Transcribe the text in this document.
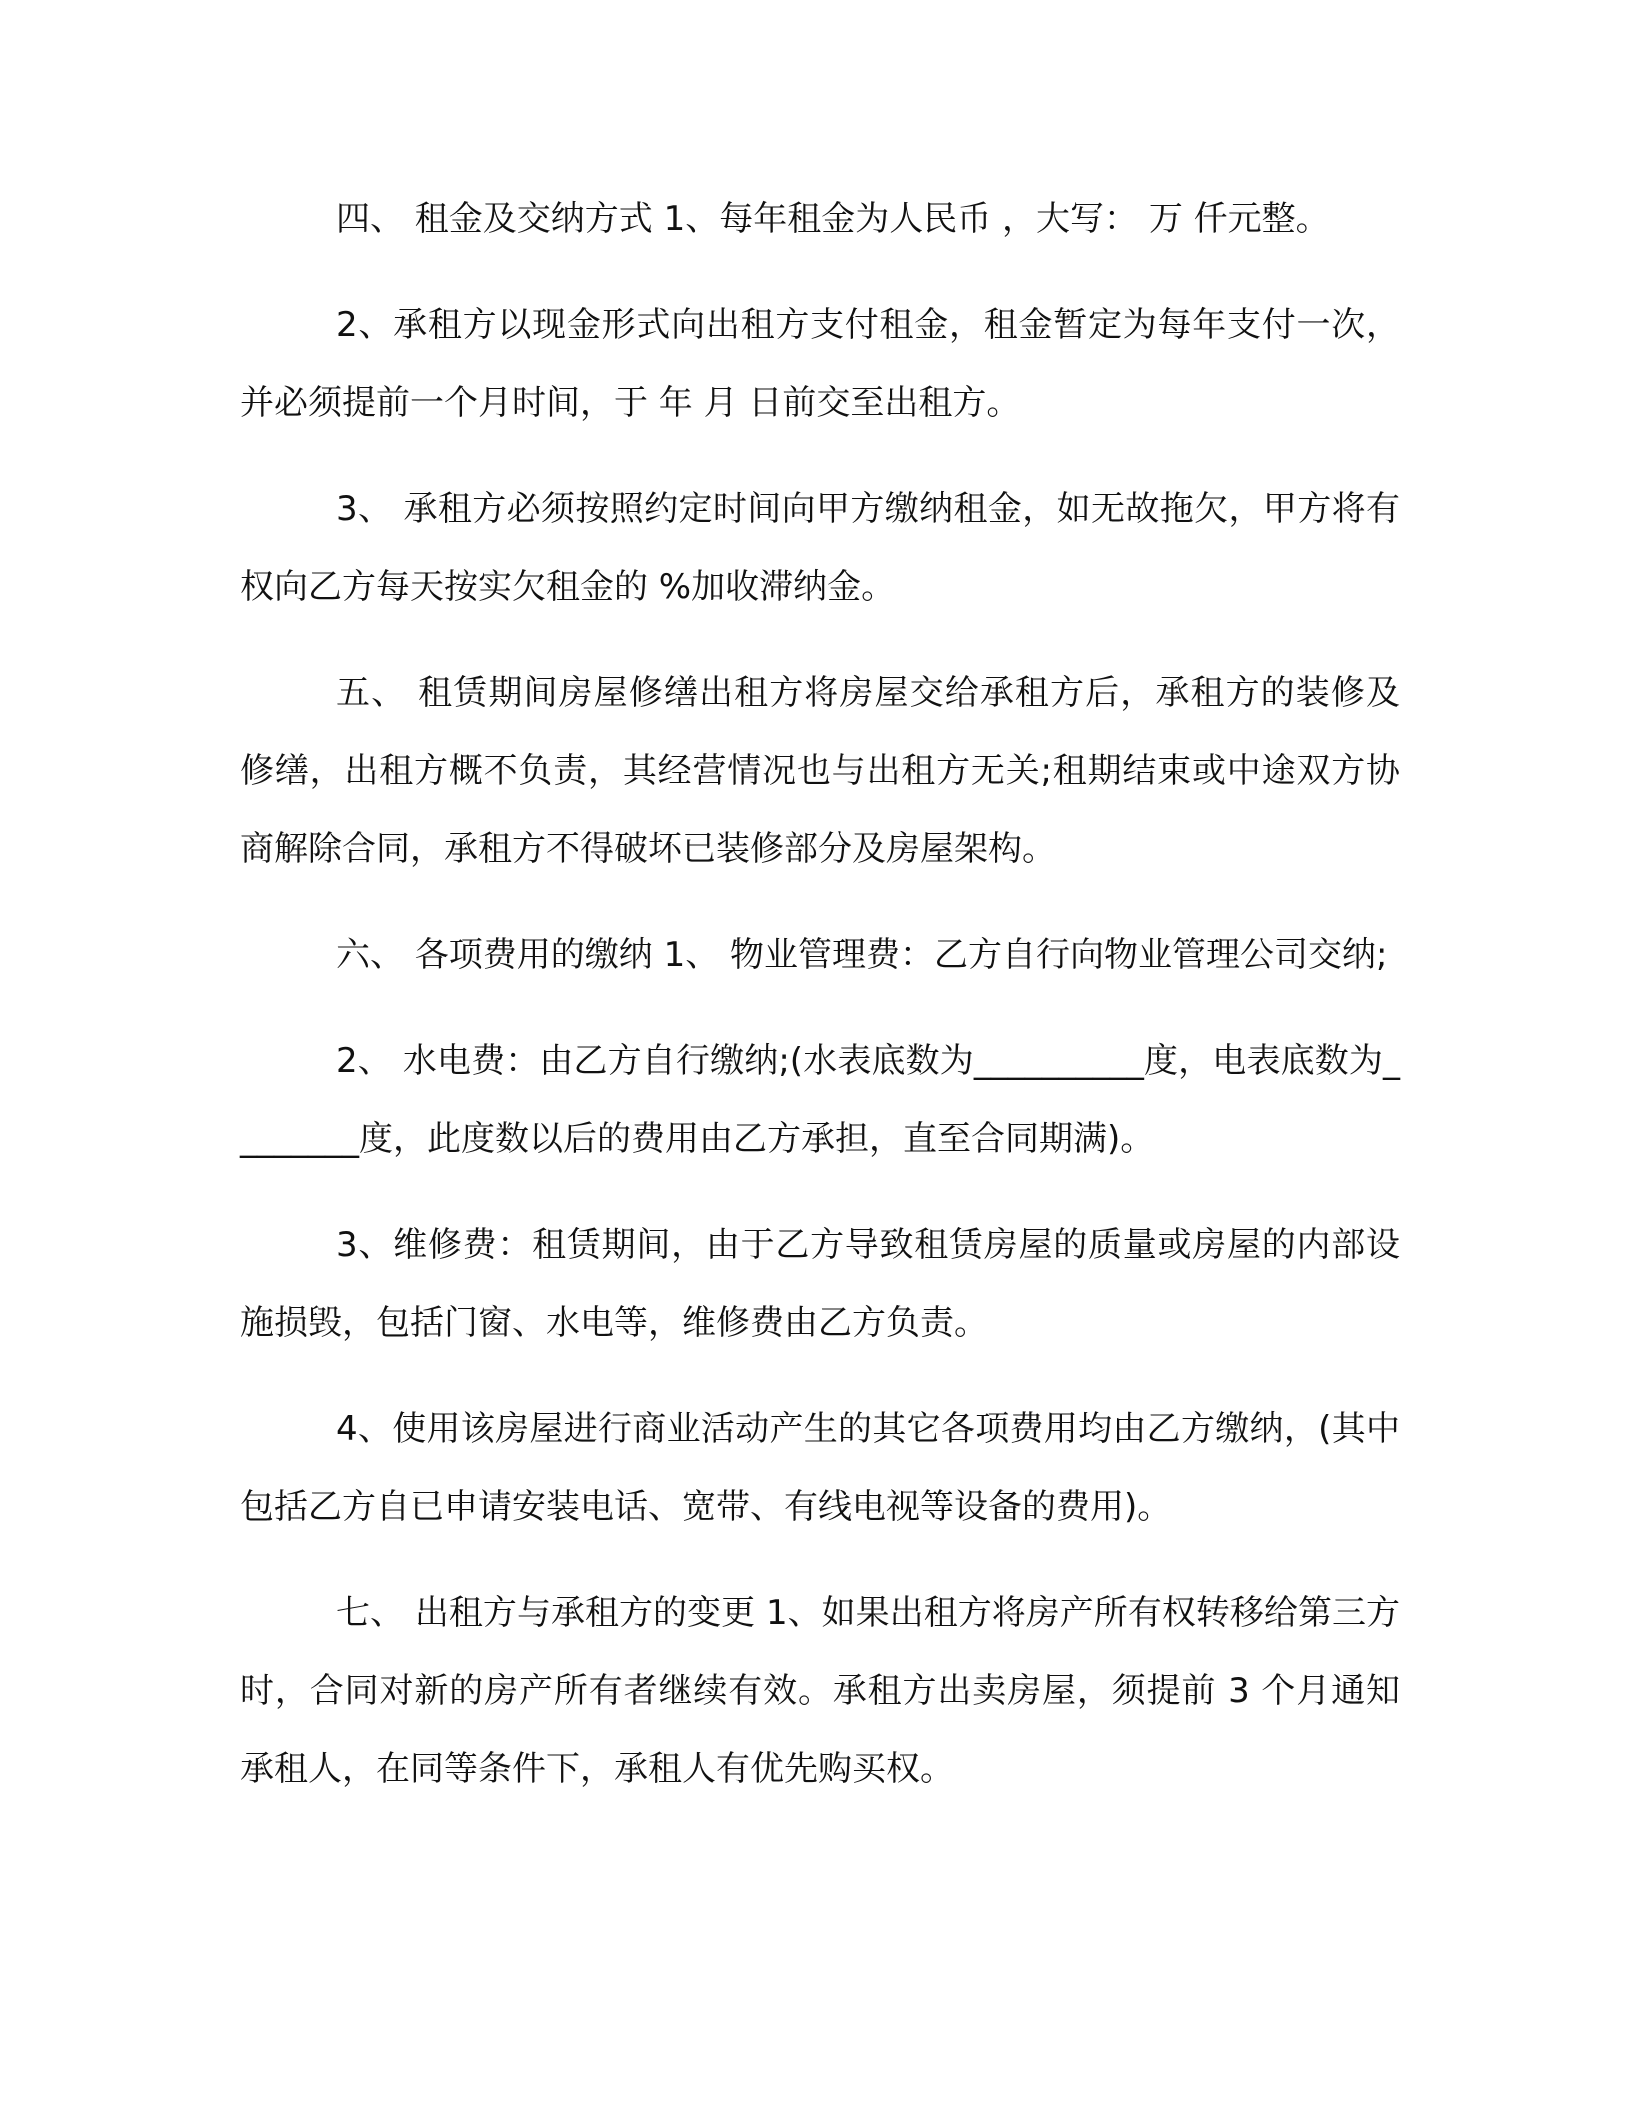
四、 租金及交纳方式 1、每年租金为人民币 ，大写： 万 仟元整。

2、承租方以现金形式向出租方支付租金，租金暂定为每年支付一次，并必须提前一个月时间，于 年 月 日前交至出租方。

3、 承租方必须按照约定时间向甲方缴纳租金，如无故拖欠，甲方将有权向乙方每天按实欠租金的 %加收滞纳金。

五、 租赁期间房屋修缮出租方将房屋交给承租方后，承租方的装修及修缮，出租方概不负责，其经营情况也与出租方无关;租期结束或中途双方协商解除合同，承租方不得破坏已装修部分及房屋架构。

六、 各项费用的缴纳 1、 物业管理费：乙方自行向物业管理公司交纳;

2、 水电费：由乙方自行缴纳;(水表底数为__________度，电表底数为________度，此度数以后的费用由乙方承担，直至合同期满)。

3、维修费：租赁期间，由于乙方导致租赁房屋的质量或房屋的内部设施损毁，包括门窗、水电等，维修费由乙方负责。

4、使用该房屋进行商业活动产生的其它各项费用均由乙方缴纳，(其中包括乙方自已申请安装电话、宽带、有线电视等设备的费用)。

七、 出租方与承租方的变更 1、如果出租方将房产所有权转移给第三方时，合同对新的房产所有者继续有效。承租方出卖房屋，须提前 3 个月通知承租人，在同等条件下，承租人有优先购买权。
